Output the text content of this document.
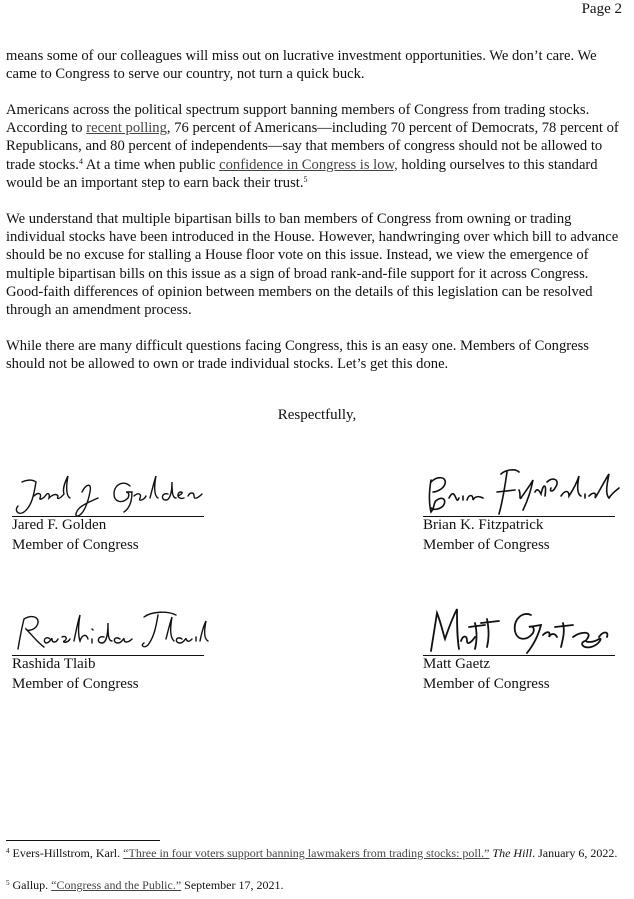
Page 2

means some of our colleagues will miss out on lucrative investment opportunities. We don’t care. We came to Congress to serve our country, not turn a quick buck.

Americans across the political spectrum support banning members of Congress from trading stocks. According to recent polling, 76 percent of Americans—including 70 percent of Democrats, 78 percent of Republicans, and 80 percent of independents—say that members of congress should not be allowed to trade stocks.$^4$ At a time when public confidence in Congress is low, holding ourselves to this standard would be an important step to earn back their trust.$^5$

We understand that multiple bipartisan bills to ban members of Congress from owning or trading individual stocks have been introduced in the House. However, handwringing over which bill to advance should be no excuse for stalling a House floor vote on this issue. Instead, we view the emergence of multiple bipartisan bills on this issue as a sign of broad rank-and-file support for it across Congress. Good-faith differences of opinion between members on the details of this legislation can be resolved through an amendment process.

While there are many difficult questions facing Congress, this is an easy one. Members of Congress should not be allowed to own or trade individual stocks. Let’s get this done.

Respectfully,
Jared F. Golden
Member of Congress
Brian K. Fitzpatrick
Member of Congress
Rashida Tlaib
Member of Congress
Matt Gaetz
Member of Congress
$^4$ Evers-Hillstrom, Karl. “Three in four voters support banning lawmakers from trading stocks: poll.” The Hill. January 6, 2022.
$^5$ Gallup. “Congress and the Public.” September 17, 2021.
